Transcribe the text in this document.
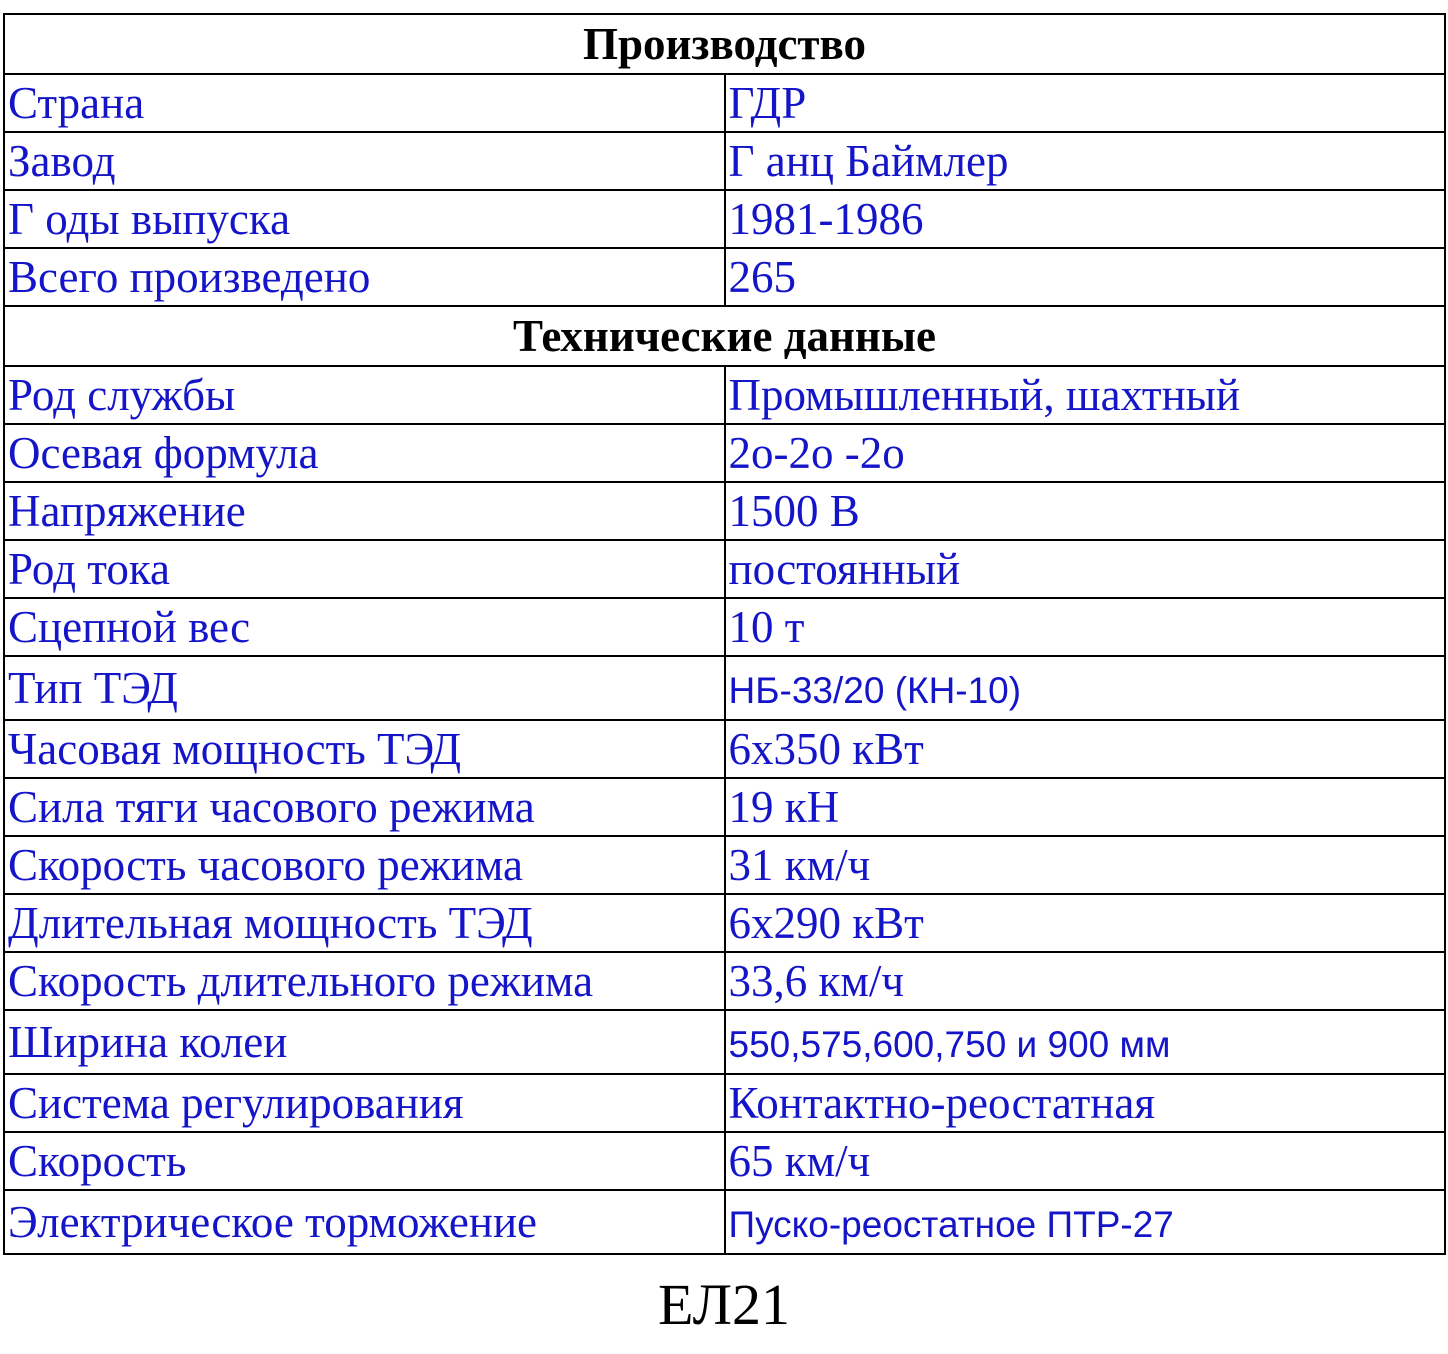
Производство	
Страна	ГДР
Завод	Г анц Баймлер
Г оды выпуска	1981-1986
Всего произведено	265
Технические данные	
Род службы	Промышленный, шахтный
Осевая формула	2o-2o -2o
Напряжение	1500 В
Род тока	постоянный
Сцепной вес	10 т
Тип ТЭД	НБ-33/20 (КН-10)
Часовая мощность ТЭД	6х350 кВт
Сила тяги часового режима	19 кН
Скорость часового режима	31 км/ч
Длительная мощность ТЭД	6х290 кВт
Скорость длительного режима	33,6 км/ч
Ширина колеи	550,575,600,750 и 900 мм
Система регулирования	Контактно-реостатная
Скорость	65 км/ч
Электрическое торможение	Пуско-реостатное ПТР-27
ЕЛ21
